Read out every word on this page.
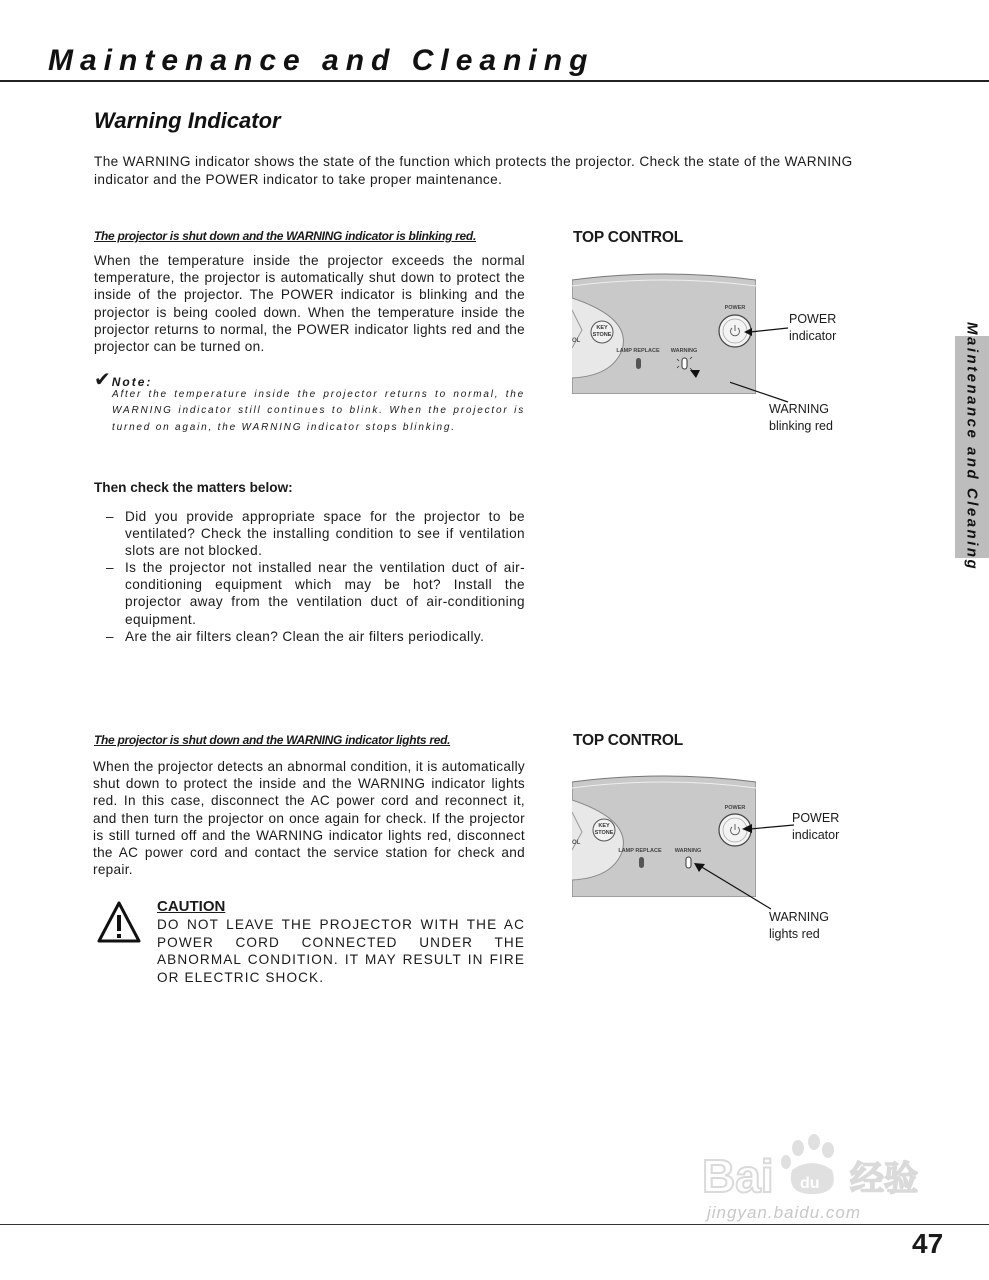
Maintenance and Cleaning
Maintenance and Cleaning
Warning Indicator

The WARNING indicator shows the state of the function which protects the projector. Check the state of the WARNING indicator and the POWER indicator to take proper maintenance.

The projector is shut down and the WARNING indicator is blinking red.

When the temperature inside the projector exceeds the normal temperature, the projector is automatically shut down to protect the inside of the projector. The POWER indicator is blinking and the projector is being cooled down. When the temperature inside the projector returns to normal, the POWER indicator lights red and the projector can be turned on.

✔Note:

After the temperature inside the projector returns to normal, the WARNING indicator still continues to blink. When the projector is turned on again, the WARNING indicator stops blinking.

Then check the matters below:

– Did you provide appropriate space for the projector to be ventilated? Check the installing condition to see if ventilation slots are not blocked.
– Is the projector not installed near the ventilation duct of air-conditioning equipment which may be hot? Install the projector away from the ventilation duct of air-conditioning equipment.
– Are the air filters clean? Clean the air filters periodically.

TOP CONTROL

OL
KEY
STONE
LAMP REPLACE WARNING
POWER
POWER
indicator
WARNING
blinking red

The projector is shut down and the WARNING indicator lights red.

When the projector detects an abnormal condition, it is automatically shut down to protect the inside and the WARNING indicator lights red. In this case, disconnect the AC power cord and reconnect it, and then turn the projector on once again for check. If the projector is still turned off and the WARNING indicator lights red, disconnect the AC power cord and contact the service station for check and repair.

CAUTION

DO NOT LEAVE THE PROJECTOR WITH THE AC POWER CORD CONNECTED UNDER THE ABNORMAL CONDITION. IT MAY RESULT IN FIRE OR ELECTRIC SHOCK.

TOP CONTROL

OL
KEY
STONE
LAMP REPLACE WARNING
POWER
POWER
indicator
WARNING
lights red
Bai du 经验
jingyan.baidu.com

47
